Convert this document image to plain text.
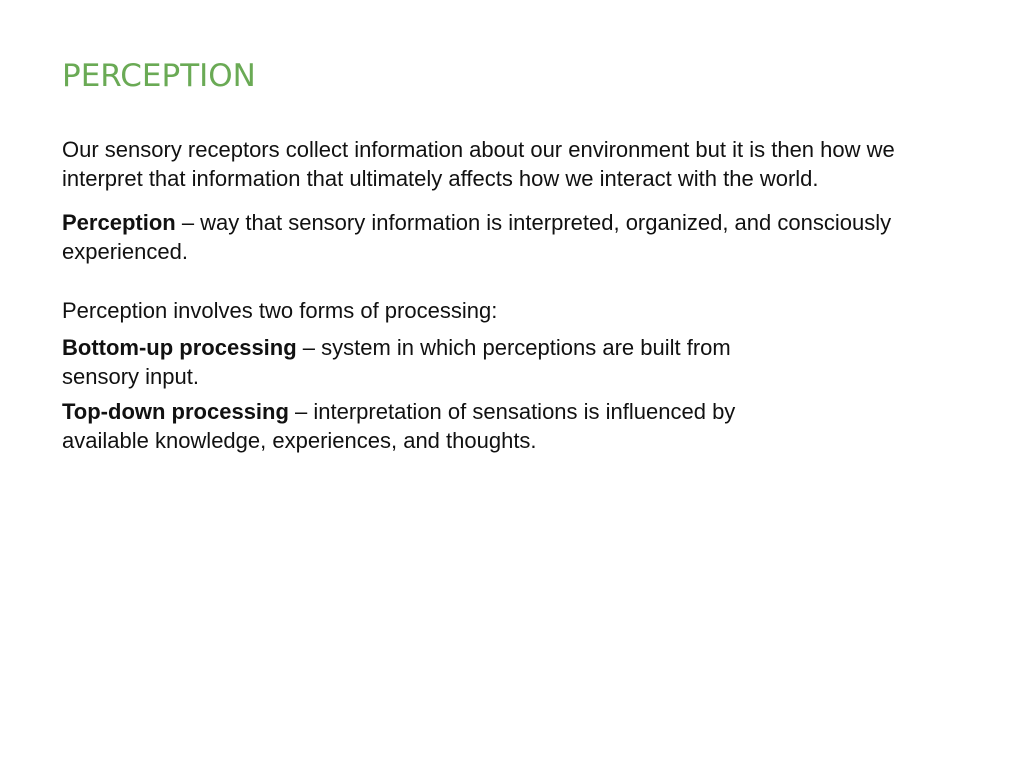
PERCEPTION

Our sensory receptors collect information about our environment but it is then how we
interpret that information that ultimately affects how we interact with the world.

Perception – way that sensory information is interpreted, organized, and consciously
experienced.

Perception involves two forms of processing:

Bottom-up processing – system in which perceptions are built from
sensory input.

Top-down processing – interpretation of sensations is influenced by
available knowledge, experiences, and thoughts.
